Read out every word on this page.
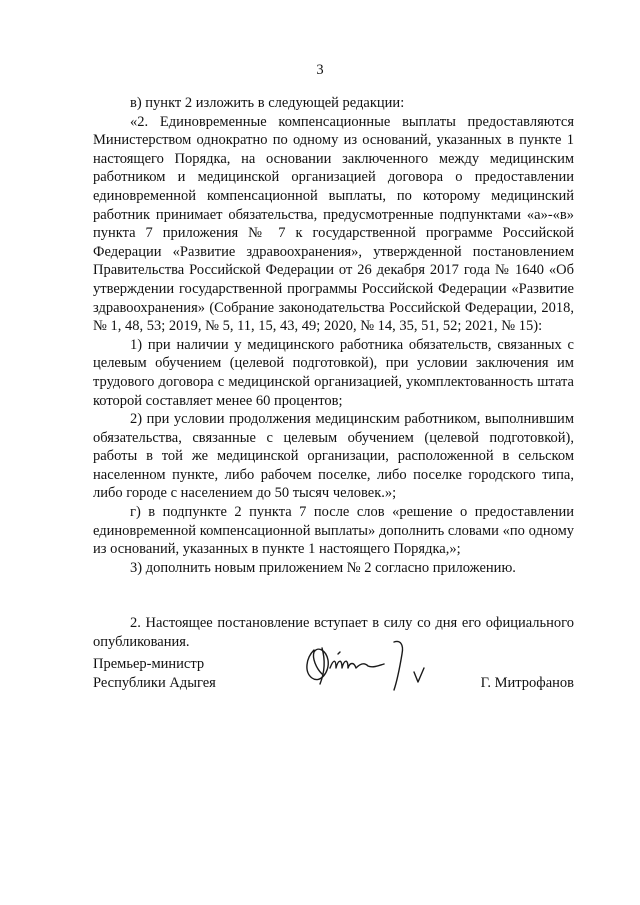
3

в) пункт 2 изложить в следующей редакции:

«2. Единовременные компенсационные выплаты предоставляются Министерством однократно по одному из оснований, указанных в пункте 1 настоящего Порядка, на основании заключенного между медицинским работником и медицинской организацией договора о предоставлении единовременной компенсационной выплаты, по которому медицинский работник принимает обязательства, предусмотренные подпунктами «а»-«в» пункта 7 приложения № 7 к государственной программе Российской Федерации «Развитие здравоохранения», утвержденной постановлением Правительства Российской Федерации от 26 декабря 2017 года № 1640 «Об утверждении государственной программы Российской Федерации «Развитие здравоохранения» (Собрание законодательства Российской Федерации, 2018, № 1, 48, 53; 2019, № 5, 11, 15, 43, 49; 2020, № 14, 35, 51, 52; 2021, № 15):

1) при наличии у медицинского работника обязательств, связанных с целевым обучением (целевой подготовкой), при условии заключения им трудового договора с медицинской организацией, укомплектованность штата которой составляет менее 60 процентов;

2) при условии продолжения медицинским работником, выполнившим обязательства, связанные с целевым обучением (целевой подготовкой), работы в той же медицинской организации, расположенной в сельском населенном пункте, либо рабочем поселке, либо поселке городского типа, либо городе с населением до 50 тысяч человек.»;

г) в подпункте 2 пункта 7 после слов «решение о предоставлении единовременной компенсационной выплаты» дополнить словами «по одному из оснований, указанных в пункте 1 настоящего Порядка,»;

3) дополнить новым приложением № 2 согласно приложению.

2. Настоящее постановление вступает в силу со дня его официального опубликования.

Премьер-министр
Республики Адыгея	Г. Митрофанов
